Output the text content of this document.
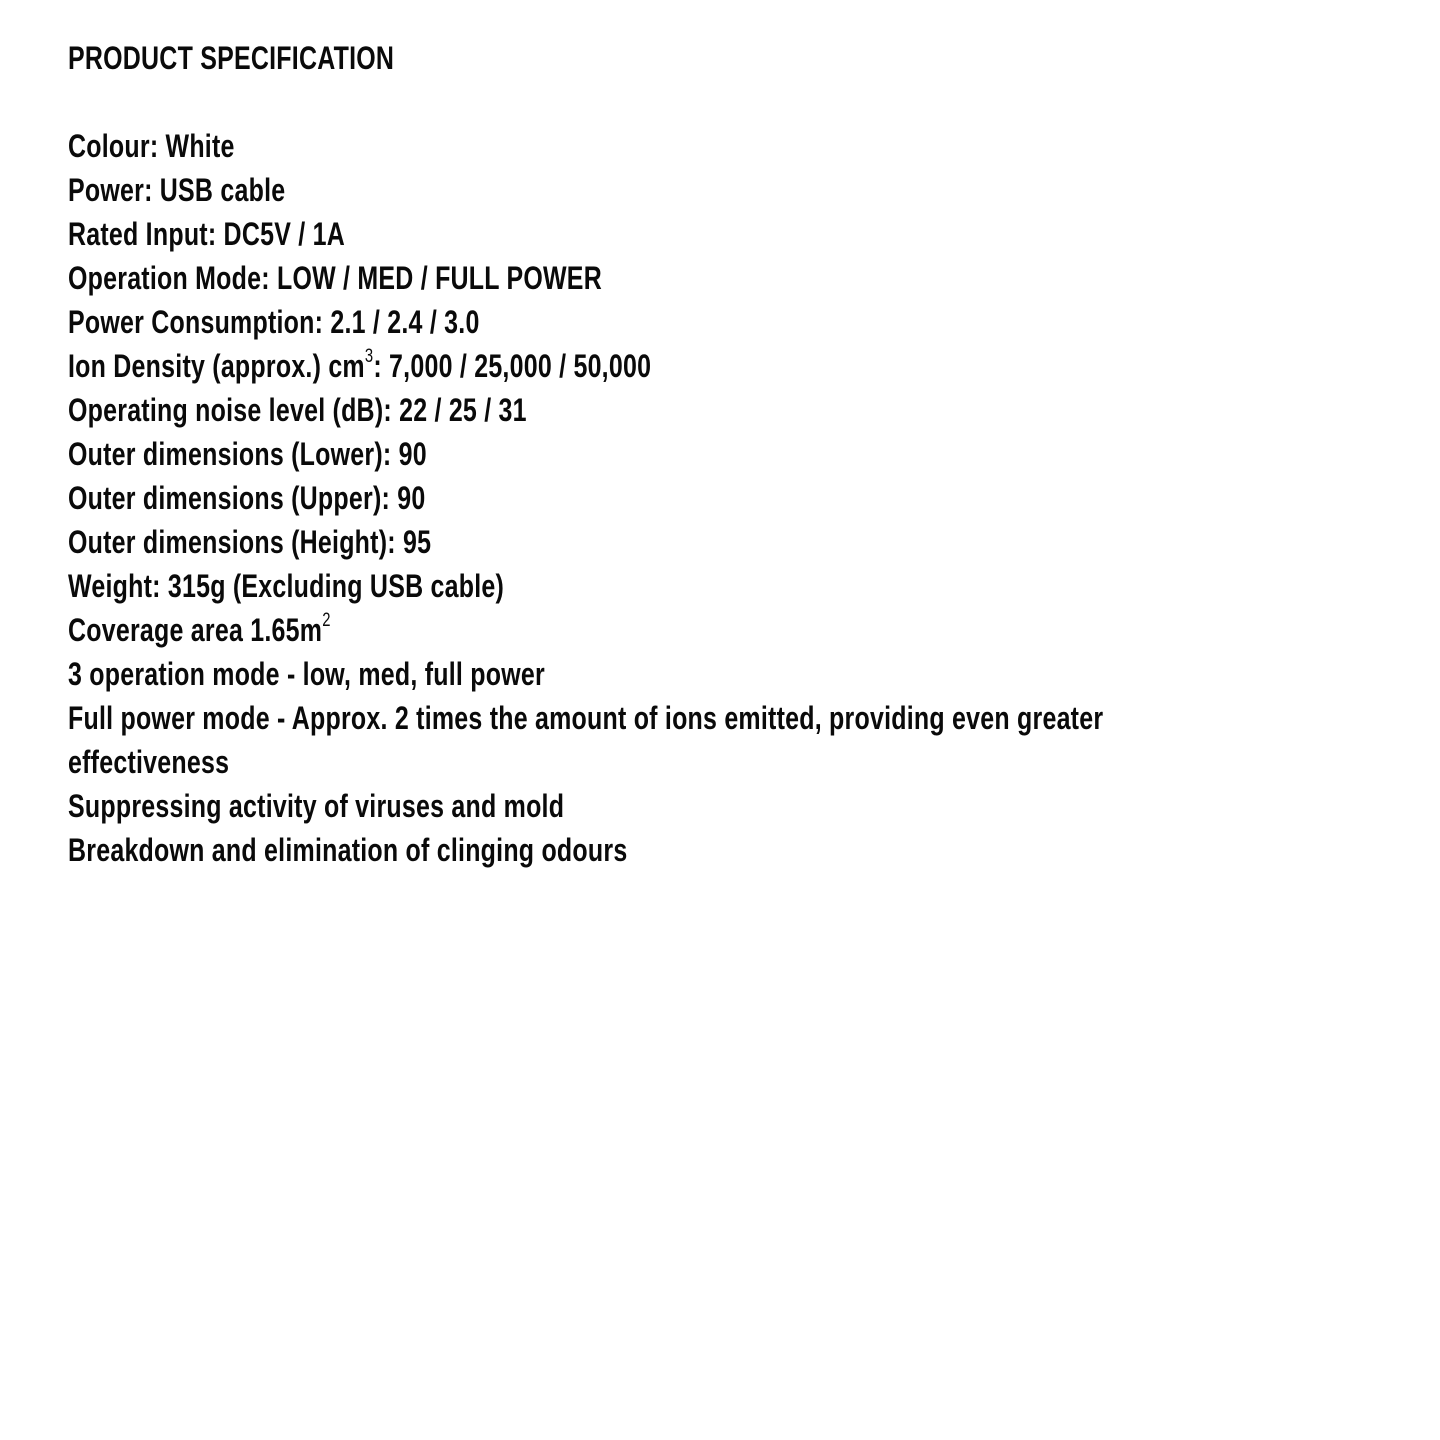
PRODUCT SPECIFICATION
Colour: White
Power: USB cable
Rated Input: DC5V / 1A
Operation Mode: LOW / MED / FULL POWER
Power Consumption: 2.1 / 2.4 / 3.0
Ion Density (approx.) $cm^3$: 7,000 / 25,000 / 50,000
Operating noise level (dB): 22 / 25 / 31
Outer dimensions (Lower): 90
Outer dimensions (Upper): 90
Outer dimensions (Height): 95
Weight: 315g (Excluding USB cable)
Coverage area $1.65m^2$
3 operation mode - low, med, full power
Full power mode - Approx. 2 times the amount of ions emitted, providing even greater
effectiveness
Suppressing activity of viruses and mold
Breakdown and elimination of clinging odours
